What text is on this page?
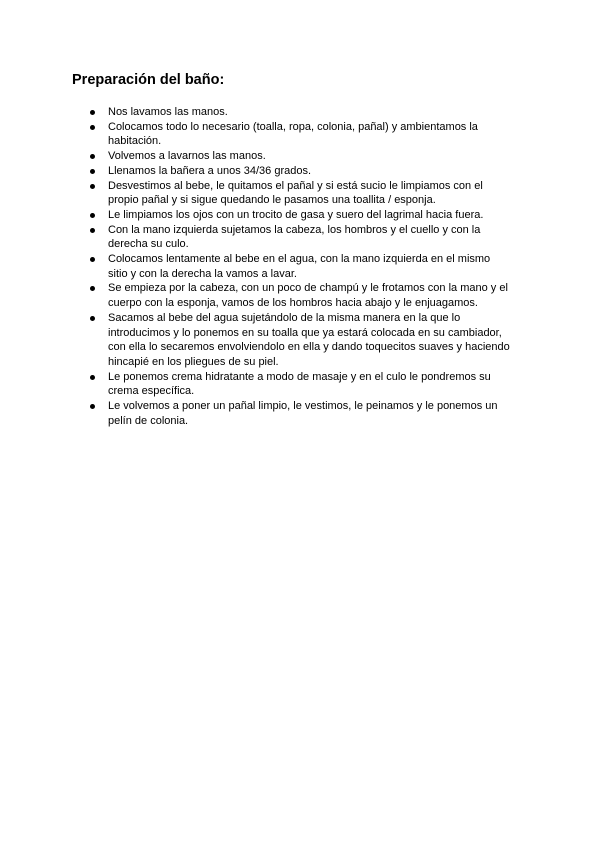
Preparación del baño:
Nos lavamos las manos.
Colocamos todo lo necesario (toalla, ropa, colonia, pañal) y ambientamos la habitación.
Volvemos a lavarnos las manos.
Llenamos la bañera a unos 34/36 grados.
Desvestimos al bebe, le quitamos el pañal y si está sucio le limpiamos con el propio pañal y si sigue quedando le pasamos una toallita / esponja.
Le limpiamos los ojos con un trocito de gasa y suero del lagrimal hacia fuera.
Con la mano izquierda sujetamos la cabeza, los hombros y el cuello y con la derecha su culo.
Colocamos lentamente al bebe en el agua, con la mano izquierda en el mismo sitio y con la derecha la vamos a lavar.
Se empieza por la cabeza, con un poco de champú y le frotamos con la mano y el cuerpo con la esponja, vamos de los hombros hacia abajo y le enjuagamos.
Sacamos al bebe del agua sujetándolo de la misma manera en la que lo introducimos y lo ponemos en su toalla que ya estará colocada en su cambiador, con ella lo secaremos envolviendolo en ella y dando toquecitos suaves y haciendo hincapié en los pliegues de su piel.
Le ponemos crema hidratante a modo de masaje y en el culo le pondremos su crema específica.
Le volvemos a poner un pañal limpio, le vestimos, le peinamos y le ponemos un pelín de colonia.
